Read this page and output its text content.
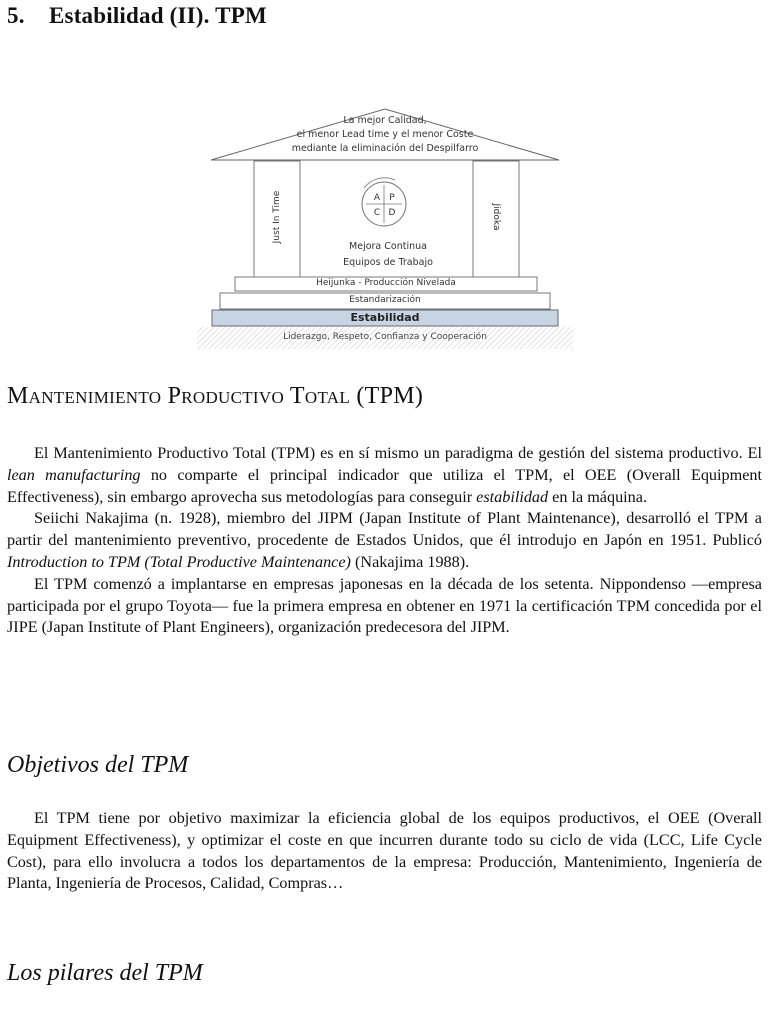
5. Estabilidad (II). TPM
La mejor Calidad,
el menor Lead time y el menor Coste
mediante la eliminación del Despilfarro
Just In Time	Jidoka
A	P
C D
Mejora Continua
Equipos de Trabajo
Heijunka - Producción Nivelada
Estandarización
Estabilidad
Liderazgo, Respeto, Confianza y Cooperación
Mantenimiento Productivo Total (TPM)

El Mantenimiento Productivo Total (TPM) es en sí mismo un paradigma de gestión del sistema productivo. El lean manufacturing no comparte el principal indicador que utiliza el TPM, el OEE (Overall Equipment Effectiveness), sin embargo aprovecha sus metodologías para conseguir estabilidad en la máquina.

Seiichi Nakajima (n. 1928), miembro del JIPM (Japan Institute of Plant Maintenance), desarrolló el TPM a partir del mantenimiento preventivo, procedente de Estados Unidos, que él introdujo en Japón en 1951. Publicó Introduction to TPM (Total Productive Maintenance) (Nakajima 1988).

El TPM comenzó a implantarse en empresas japonesas en la década de los setenta. Nippondenso —empresa participada por el grupo Toyota— fue la primera empresa en obtener en 1971 la certificación TPM concedida por el JIPE (Japan Institute of Plant Engineers), organización predecesora del JIPM.

Objetivos del TPM

El TPM tiene por objetivo maximizar la eficiencia global de los equipos productivos, el OEE (Overall Equipment Effectiveness), y optimizar el coste en que incurren durante todo su ciclo de vida (LCC, Life Cycle Cost), para ello involucra a todos los departamentos de la empresa: Producción, Mantenimiento, Ingeniería de Planta, Ingeniería de Procesos, Calidad, Compras…

Los pilares del TPM
